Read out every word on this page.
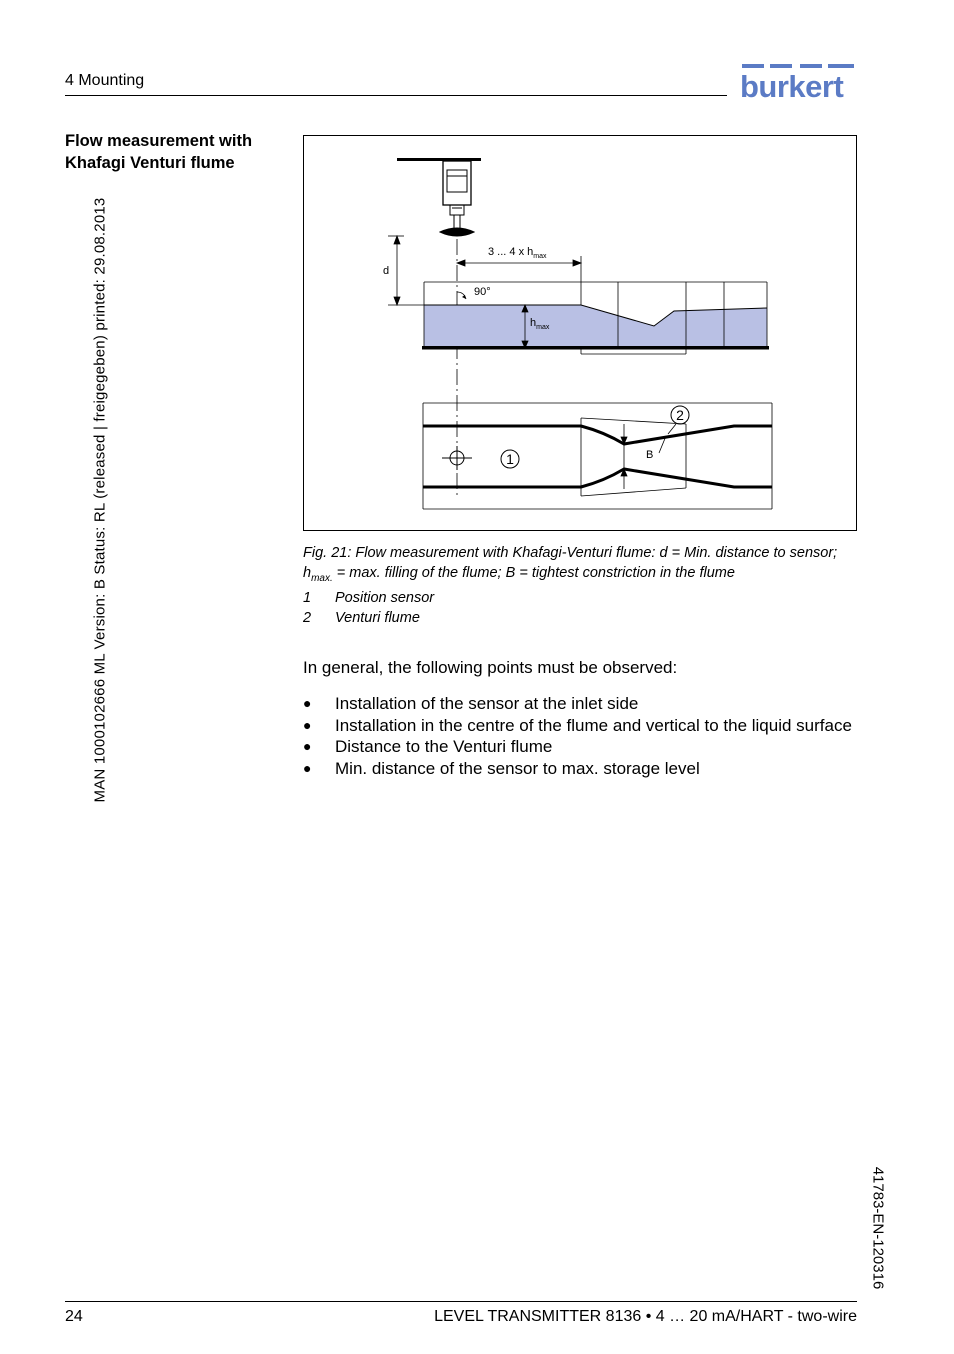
4 Mounting	burkert
Flow measurement with Khafagi Venturi flume
MAN 1000102666 ML Version: B Status: RL (released | freigegeben) printed: 29.08.2013
41783-EN-120316
d
3 ... 4 x $h_{max}$
90°
$h_{max}$
B
1
2
Fig. 21: Flow measurement with Khafagi-Venturi flume: d = Min. distance to sensor; $h_{max.} = \max$. filling of the flume; B = tightest constriction in the flume
1	Position sensor
2	Venturi flume
In general, the following points must be observed:
●	Installation of the sensor at the inlet side
●	Installation in the centre of the flume and vertical to the liquid surface
●	Distance to the Venturi flume
●	Min. distance of the sensor to max. storage level
24	LEVEL TRANSMITTER 8136 • 4 … 20 mA/HART - two-wire
